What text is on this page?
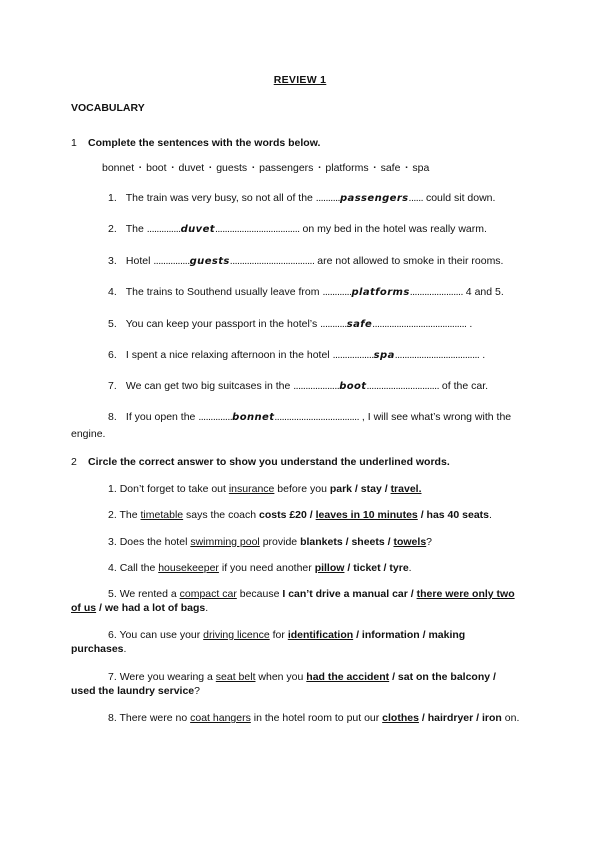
REVIEW 1
VOCABULARY
1 Complete the sentences with the words below.
bonnet ▪ boot ▪ duvet ▪ guests ▪ passengers ▪ platforms ▪ safe ▪ spa
1. The train was very busy, so not all of the ..........passengers...... could sit down.
2. The ..............duvet................................... on my bed in the hotel was really warm.
3. Hotel ...............guests................................... are not allowed to smoke in their rooms.
4. The trains to Southend usually leave from ............platforms...................... 4 and 5.
5. You can keep your passport in the hotel’s ...........safe....................................... .
6. I spent a nice relaxing afternoon in the hotel .................spa................................... .
7. We can get two big suitcases in the ...................boot.............................. of the car.
8. If you open the ..............bonnet................................... , I will see what’s wrong with the
engine.
2 Circle the correct answer to show you understand the underlined words.
1. Don’t forget to take out insurance before you park / stay / travel.
2. The timetable says the coach costs £20 / leaves in 10 minutes / has 40 seats.
3. Does the hotel swimming pool provide blankets / sheets / towels?
4. Call the housekeeper if you need another pillow / ticket / tyre.
5. We rented a compact car because I can’t drive a manual car / there were only two of us / we had a lot of bags.
6. You can use your driving licence for identification / information / making purchases.
7. Were you wearing a seat belt when you had the accident / sat on the balcony / used the laundry service?
8. There were no coat hangers in the hotel room to put our clothes / hairdryer / iron on.
